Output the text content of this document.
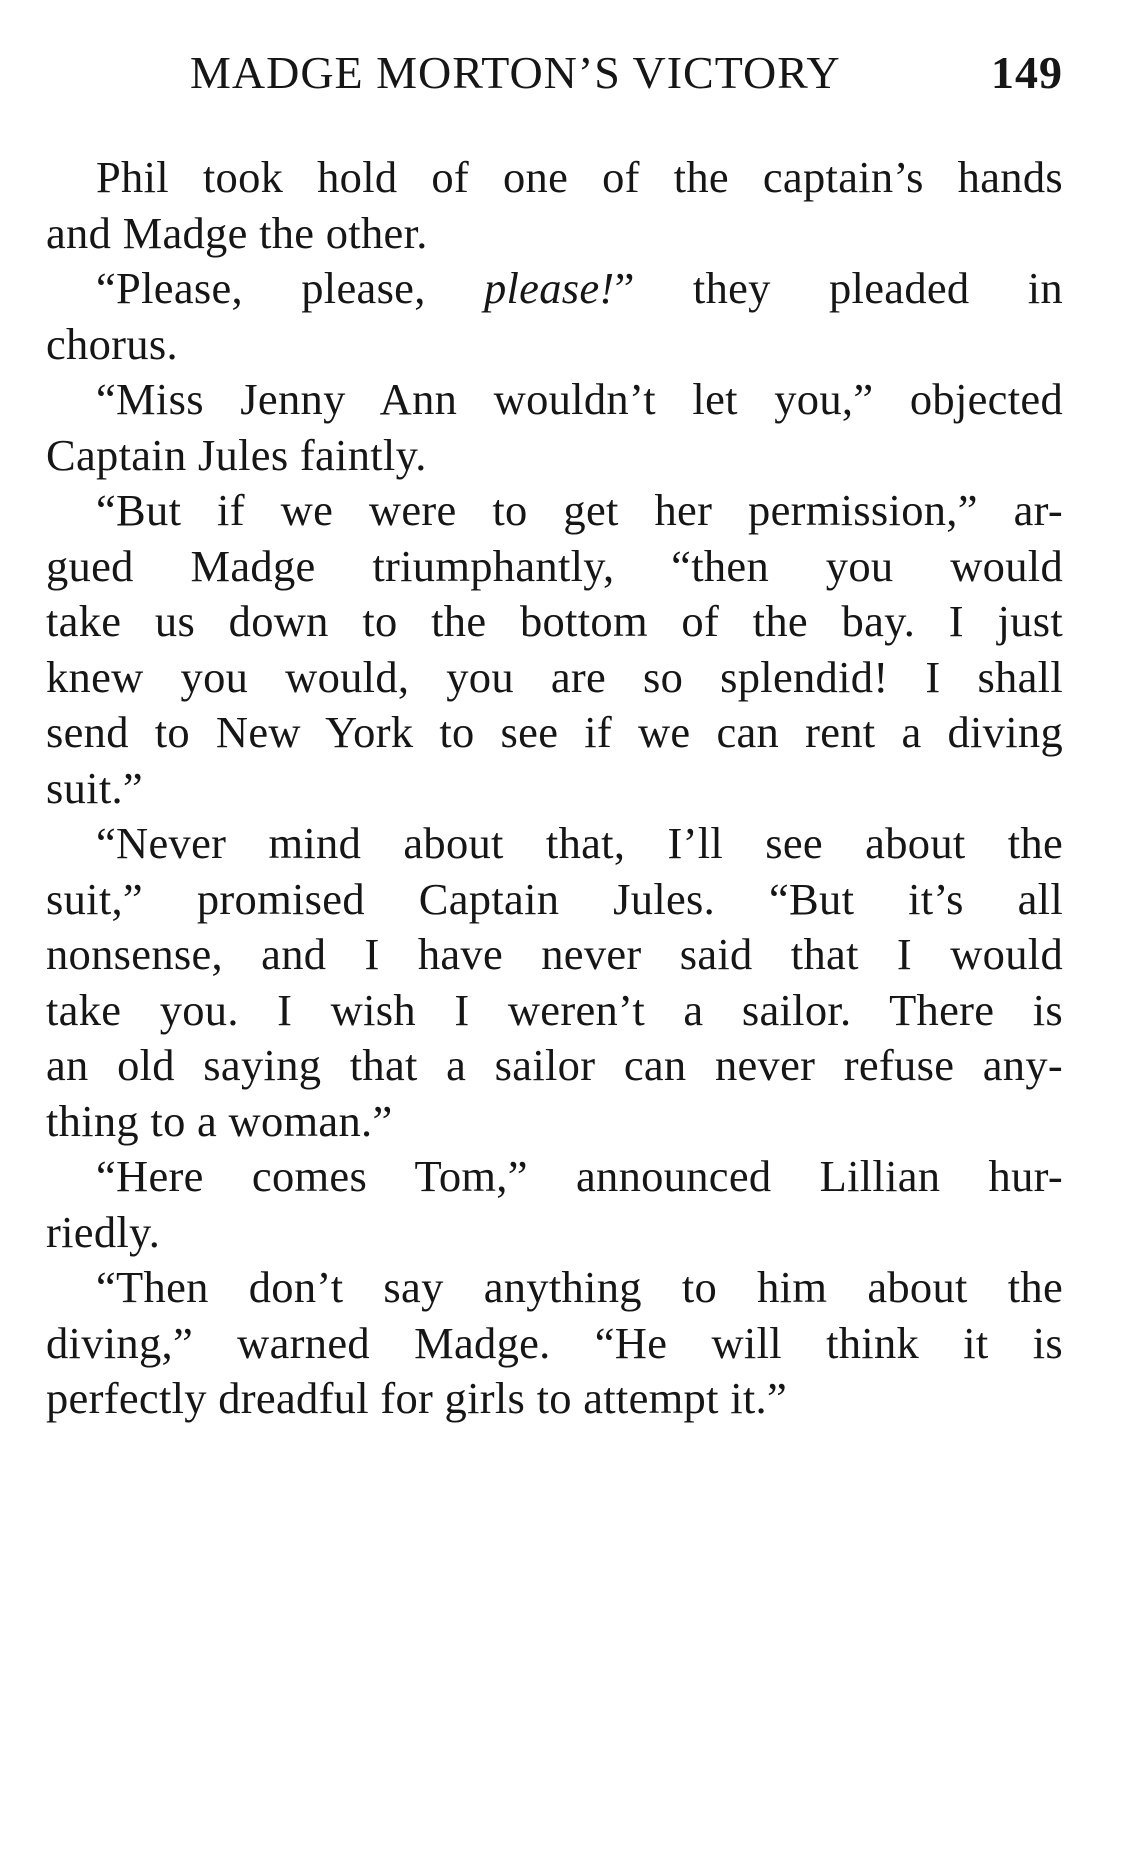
MADGE MORTON’S VICTORY	149
Phil took hold of one of the captain’s hands
and Madge the other.
“Please, please, please!” they pleaded in
chorus.
“Miss Jenny Ann wouldn’t let you,” objected
Captain Jules faintly.
“But if we were to get her permission,” ar-
gued Madge triumphantly, “then you would
take us down to the bottom of the bay. I just
knew you would, you are so splendid! I shall
send to New York to see if we can rent a diving
suit.”
“Never mind about that, I’ll see about the
suit,” promised Captain Jules. “But it’s all
nonsense, and I have never said that I would
take you. I wish I weren’t a sailor. There is
an old saying that a sailor can never refuse any-
thing to a woman.”
“Here comes Tom,” announced Lillian hur-
riedly.
“Then don’t say anything to him about the
diving,” warned Madge. “He will think it is
perfectly dreadful for girls to attempt it.”
